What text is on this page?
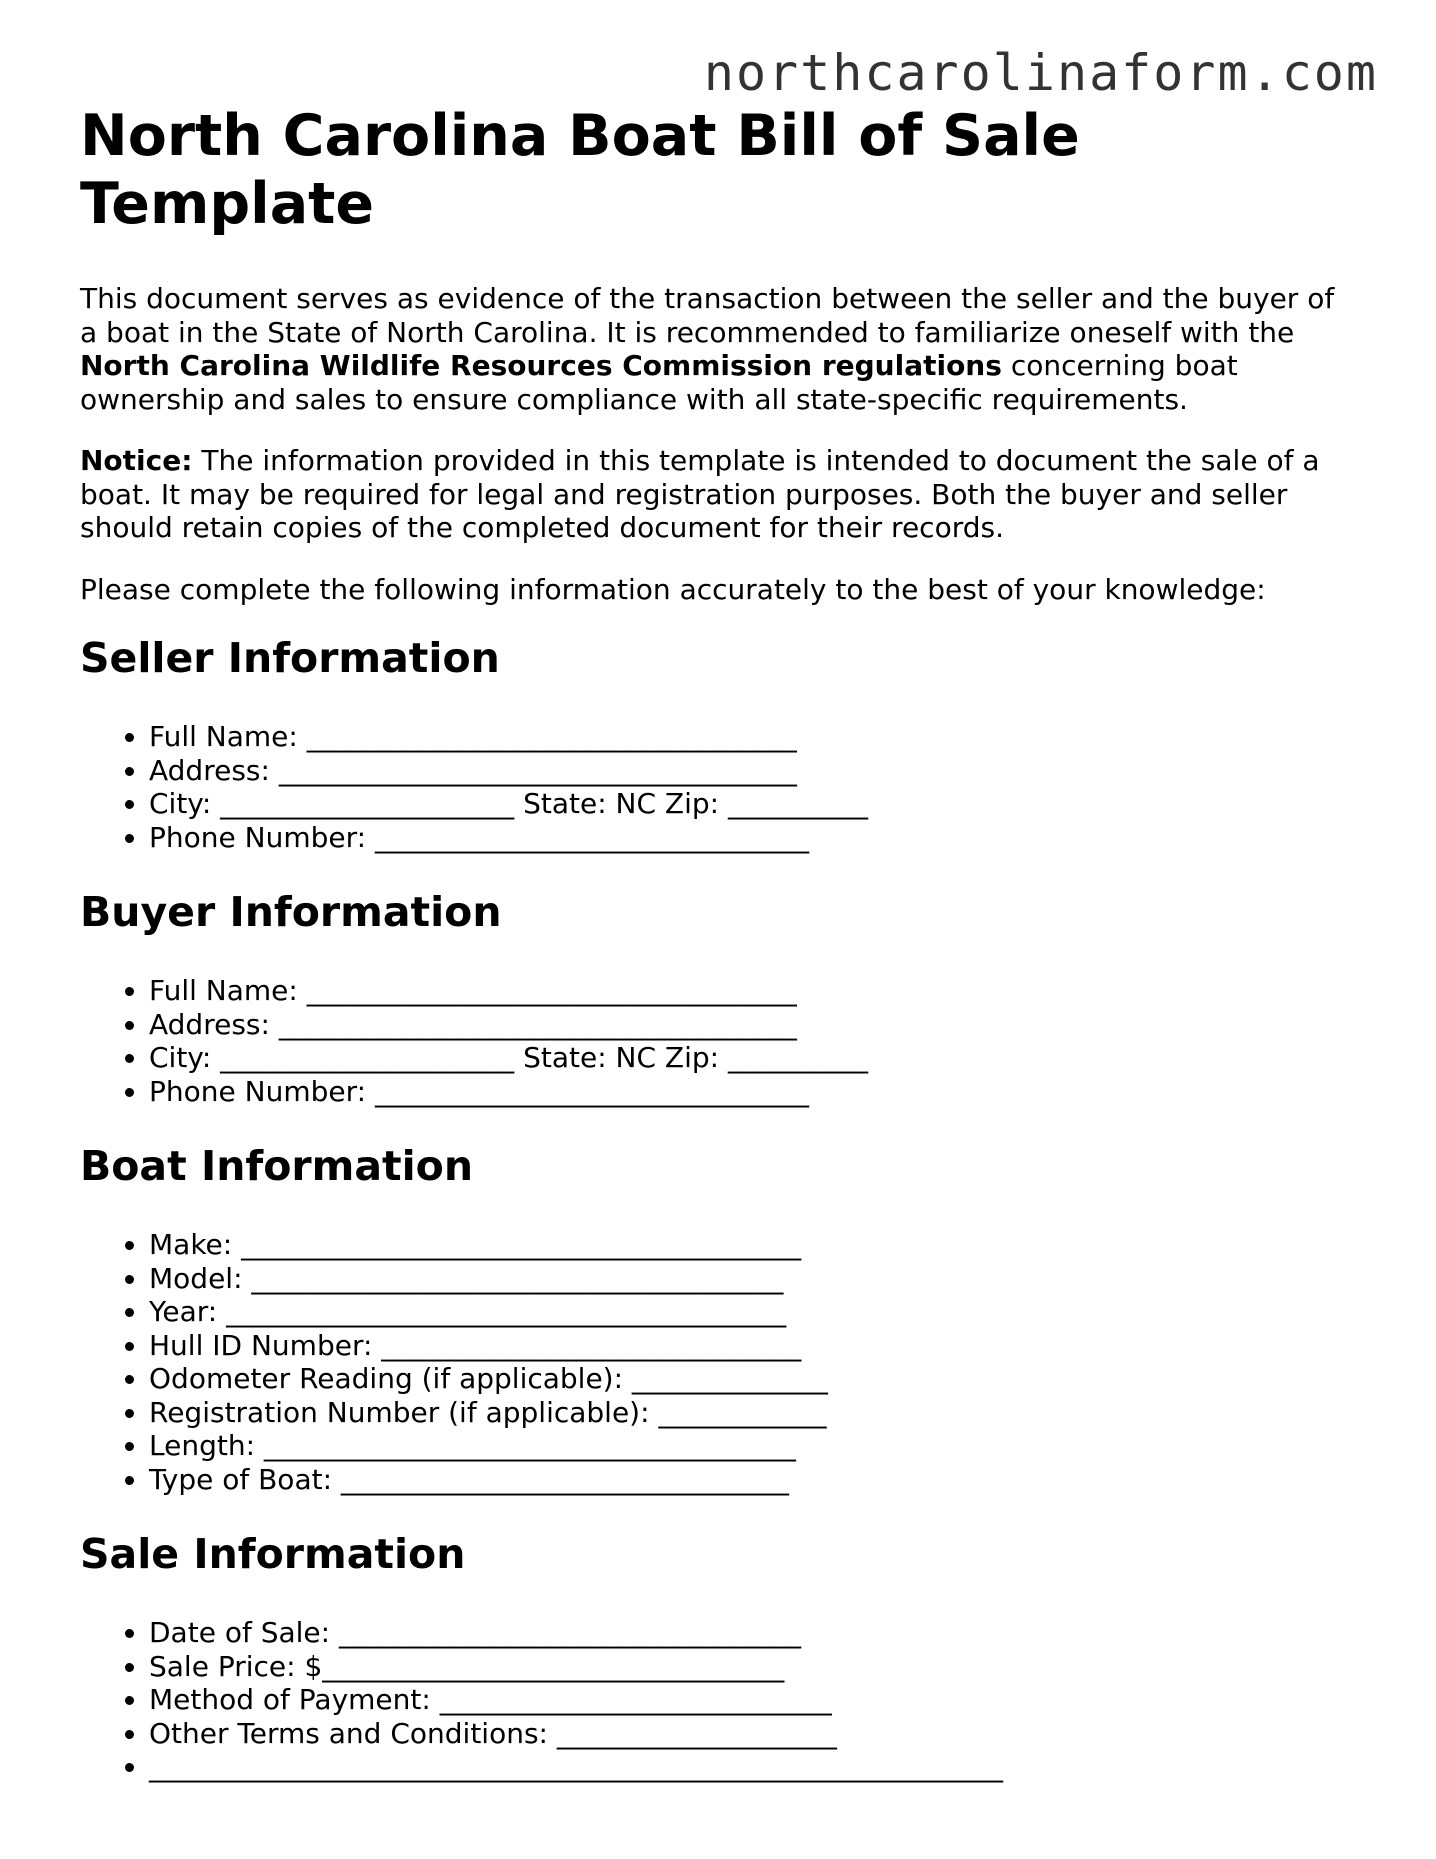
northcarolinaform.com
North Carolina Boat Bill of Sale Template

This document serves as evidence of the transaction between the seller and the buyer of a boat in the State of North Carolina. It is recommended to familiarize oneself with the North Carolina Wildlife Resources Commission regulations concerning boat ownership and sales to ensure compliance with all state-specific requirements.

Notice: The information provided in this template is intended to document the sale of a boat. It may be required for legal and registration purposes. Both the buyer and seller should retain copies of the completed document for their records.

Please complete the following information accurately to the best of your knowledge:

Seller Information
• Full Name: ___________________________________
• Address: _____________________________________
• City: _____________________ State: NC Zip: __________
• Phone Number: _______________________________
Buyer Information
• Full Name: ___________________________________
• Address: _____________________________________
• City: _____________________ State: NC Zip: __________
• Phone Number: _______________________________
Boat Information
• Make: ________________________________________
• Model: ______________________________________
• Year: ________________________________________
• Hull ID Number: ______________________________
• Odometer Reading (if applicable): ______________
• Registration Number (if applicable): ____________
• Length: ______________________________________
• Type of Boat: ________________________________
Sale Information
• Date of Sale: _________________________________
• Sale Price: $_________________________________
• Method of Payment: ____________________________
• Other Terms and Conditions: ____________________
• _____________________________________________________________
